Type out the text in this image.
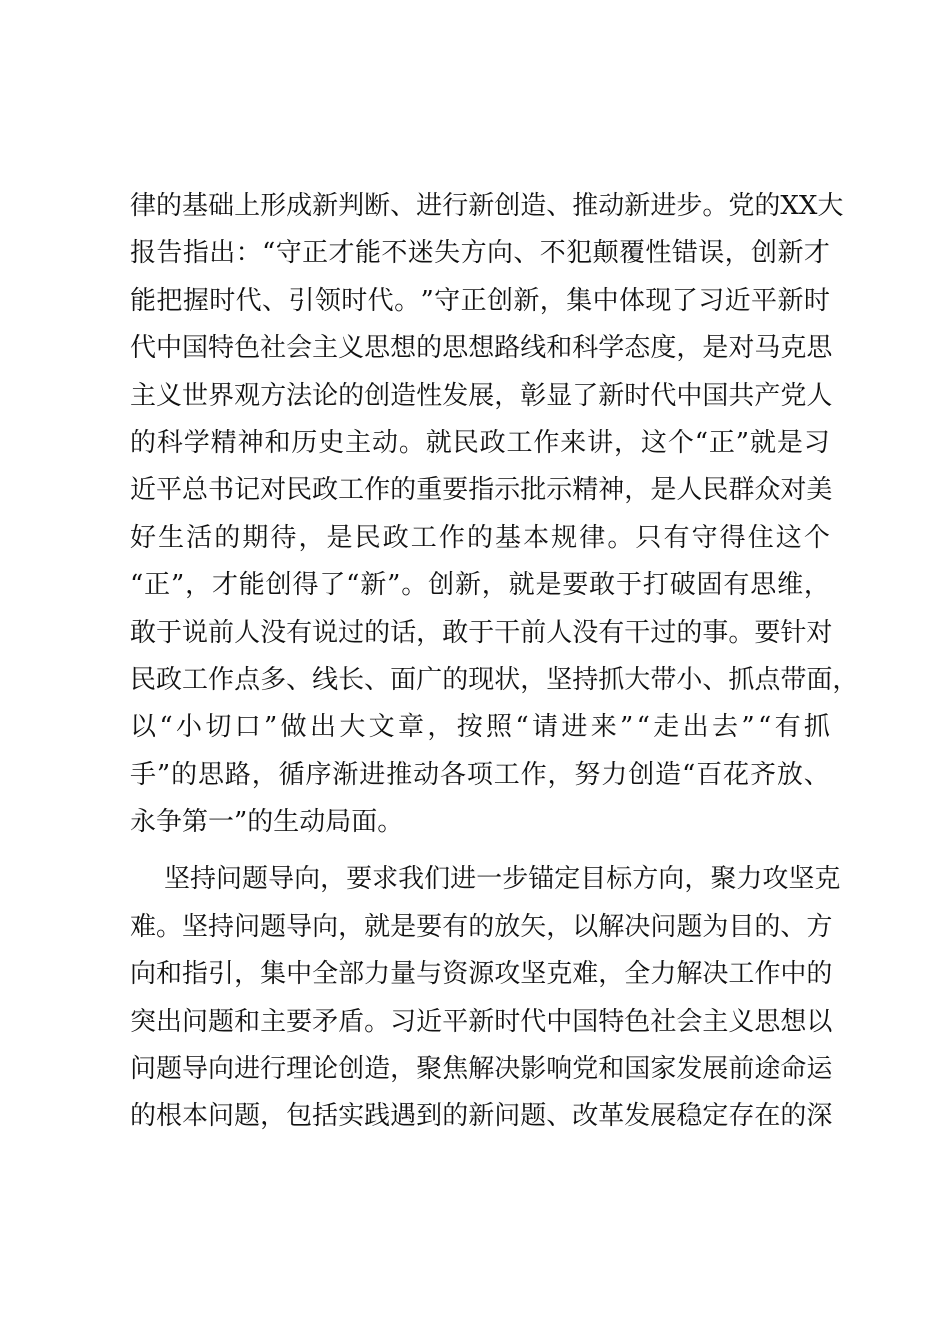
律 的 基 础 上 形 成 新 判 断 、 进 行 新 创 造 、 推 动 新 进 步 。 党 的 X X 大
报 告 指 出 ： “ 守 正 才 能 不 迷 失 方 向 、 不 犯 颠 覆 性 错 误 ， 创 新 才
能 把 握 时 代 、 引 领 时 代 。 ” 守 正 创 新 ， 集 中 体 现 了 习 近 平 新 时
代 中 国 特 色 社 会 主 义 思 想 的 思 想 路 线 和 科 学 态 度 ， 是 对 马 克 思
主 义 世 界 观 方 法 论 的 创 造 性 发 展 ， 彰 显 了 新 时 代 中 国 共 产 党 人
的 科 学 精 神 和 历 史 主 动 。 就 民 政 工 作 来 讲 ， 这 个 “ 正 ” 就 是 习
近 平 总 书 记 对 民 政 工 作 的 重 要 指 示 批 示 精 神 ， 是 人 民 群 众 对 美
好 生 活 的 期 待 ， 是 民 政 工 作 的 基 本 规 律 。 只 有 守 得 住 这 个
“ 正 ” ， 才 能 创 得 了 “ 新 ” 。 创 新 ， 就 是 要 敢 于 打 破 固 有 思 维 ，
敢 于 说 前 人 没 有 说 过 的 话 ， 敢 于 干 前 人 没 有 干 过 的 事 。 要 针 对
民 政 工 作 点 多 、 线 长 、 面 广 的 现 状 ， 坚 持 抓 大 带 小 、 抓 点 带 面 ，
以 “ 小 切 口 ” 做 出 大 文 章 ， 按 照 “ 请 进 来 ” “ 走 出 去 ” “ 有 抓
手 ” 的 思 路 ， 循 序 渐 进 推 动 各 项 工 作 ， 努 力 创 造 “ 百 花 齐 放 、
永争第一”的生动局面。
坚 持 问 题 导 向 ， 要 求 我 们 进 一 步 锚 定 目 标 方 向 ， 聚 力 攻 坚 克
难 。 坚 持 问 题 导 向 ， 就 是 要 有 的 放 矢 ， 以 解 决 问 题 为 目 的 、 方
向 和 指 引 ， 集 中 全 部 力 量 与 资 源 攻 坚 克 难 ， 全 力 解 决 工 作 中 的
突 出 问 题 和 主 要 矛 盾 。 习 近 平 新 时 代 中 国 特 色 社 会 主 义 思 想 以
问 题 导 向 进 行 理 论 创 造 ， 聚 焦 解 决 影 响 党 和 国 家 发 展 前 途 命 运
的 根 本 问 题 ， 包 括 实 践 遇 到 的 新 问 题 、 改 革 发 展 稳 定 存 在 的 深
